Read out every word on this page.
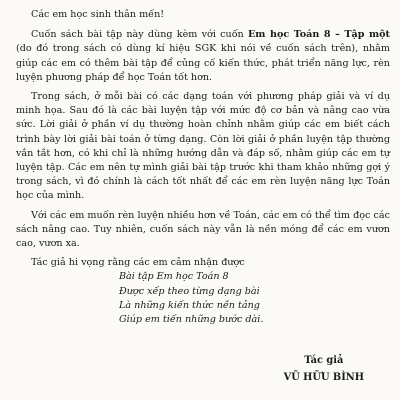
Các em học sinh thân mến!

Cuốn sách bài tập này dùng kèm với cuốn Em học Toán 8 – Tập một (do đó trong sách có dùng kí hiệu SGK khi nói về cuốn sách trên), nhằm giúp các em có thêm bài tập để củng cố kiến thức, phát triển năng lực, rèn luyện phương pháp để học Toán tốt hơn.

Trong sách, ở mỗi bài có các dạng toán với phương pháp giải và ví dụ minh họa. Sau đó là các bài luyện tập với mức độ cơ bản và nâng cao vừa sức. Lời giải ở phần ví dụ thường hoàn chỉnh nhằm giúp các em biết cách trình bày lời giải bài toán ở từng dạng. Còn lời giải ở phần luyện tập thường vắn tắt hơn, có khi chỉ là những hướng dẫn và đáp số, nhằm giúp các em tự luyện tập. Các em nên tự mình giải bài tập trước khi tham khảo những gợi ý trong sách, vì đó chính là cách tốt nhất để các em rèn luyện năng lực Toán học của mình.

Với các em muốn rèn luyện nhiều hơn về Toán, các em có thể tìm đọc các sách nâng cao. Tuy nhiên, cuốn sách này vẫn là nền móng để các em vươn cao, vươn xa.

Tác giả hi vọng rằng các em cảm nhận được

Bài tập Em học Toán 8
Được xếp theo từng dạng bài
Là những kiến thức nền tảng
Giúp em tiến những bước dài.
Tác giả
VŨ HỮU BÌNH
